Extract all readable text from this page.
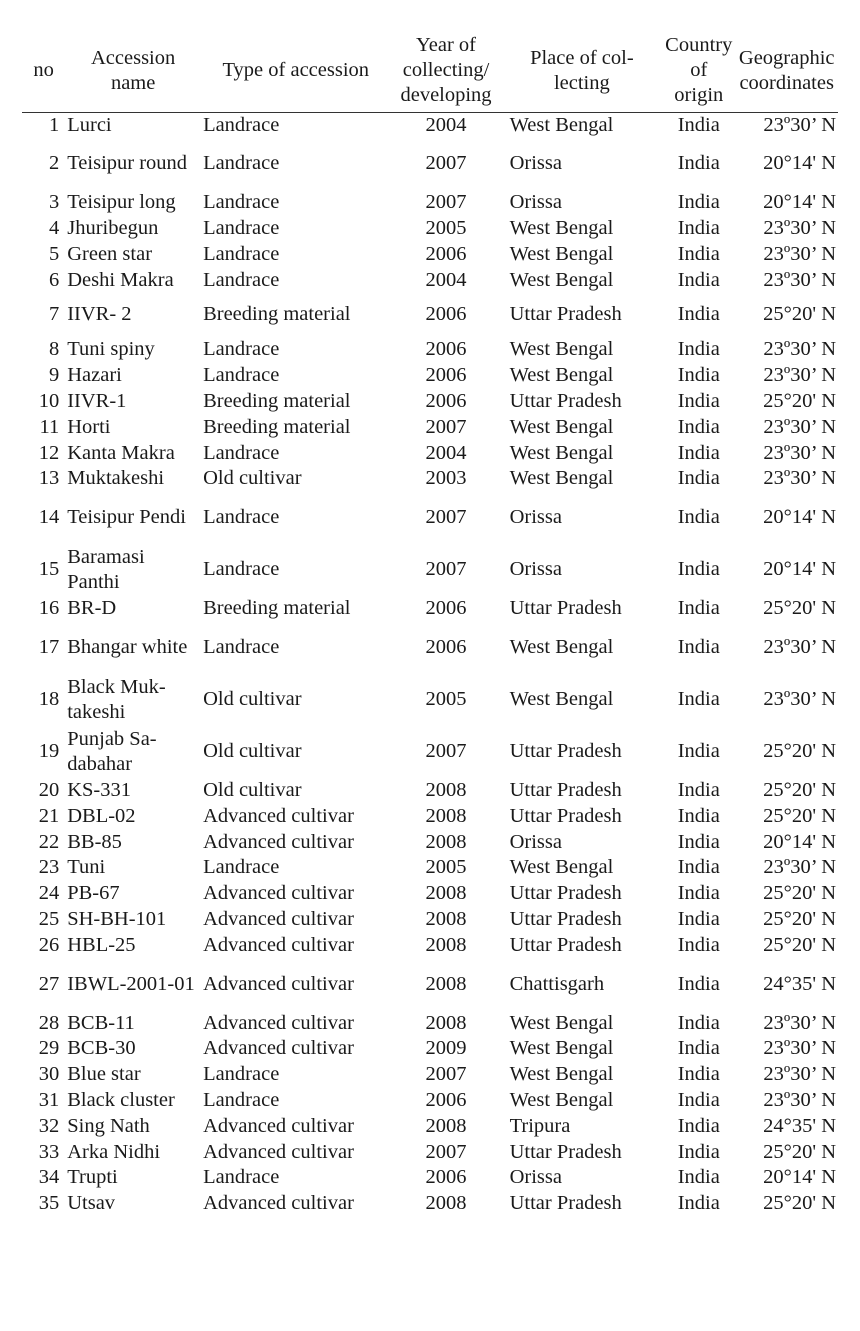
no	Accession name	Type of accession	Year of collecting/ developing	Place of col-lecting	Country of origin	Geographic coordinates
1	Lurci	Landrace	2004	West Bengal	India	23º30’ N
2	Teisipur round	Landrace	2007	Orissa	India	20°14' N
3	Teisipur long	Landrace	2007	Orissa	India	20°14' N
4	Jhuribegun	Landrace	2005	West Bengal	India	23º30’ N
5	Green star	Landrace	2006	West Bengal	India	23º30’ N
6	Deshi Makra	Landrace	2004	West Bengal	India	23º30’ N
7	IIVR- 2	Breeding material	2006	Uttar Pradesh	India	25°20' N
8	Tuni spiny	Landrace	2006	West Bengal	India	23º30’ N
9	Hazari	Landrace	2006	West Bengal	India	23º30’ N
10	IIVR-1	Breeding material	2006	Uttar Pradesh	India	25°20' N
11	Horti	Breeding material	2007	West Bengal	India	23º30’ N
12	Kanta Makra	Landrace	2004	West Bengal	India	23º30’ N
13	Muktakeshi	Old cultivar	2003	West Bengal	India	23º30’ N
14	Teisipur Pendi	Landrace	2007	Orissa	India	20°14' N
15	Baramasi Panthi	Landrace	2007	Orissa	India	20°14' N
16	BR-D	Breeding material	2006	Uttar Pradesh	India	25°20' N
17	Bhangar white	Landrace	2006	West Bengal	India	23º30’ N
18	Black Muk-takeshi	Old cultivar	2005	West Bengal	India	23º30’ N
19	Punjab Sa-dabahar	Old cultivar	2007	Uttar Pradesh	India	25°20' N
20	KS-331	Old cultivar	2008	Uttar Pradesh	India	25°20' N
21	DBL-02	Advanced cultivar	2008	Uttar Pradesh	India	25°20' N
22	BB-85	Advanced cultivar	2008	Orissa	India	20°14' N
23	Tuni	Landrace	2005	West Bengal	India	23º30’ N
24	PB-67	Advanced cultivar	2008	Uttar Pradesh	India	25°20' N
25	SH-BH-101	Advanced cultivar	2008	Uttar Pradesh	India	25°20' N
26	HBL-25	Advanced cultivar	2008	Uttar Pradesh	India	25°20' N
27	IBWL-2001-01	Advanced cultivar	2008	Chattisgarh	India	24°35' N
28	BCB-11	Advanced cultivar	2008	West Bengal	India	23º30’ N
29	BCB-30	Advanced cultivar	2009	West Bengal	India	23º30’ N
30	Blue star	Landrace	2007	West Bengal	India	23º30’ N
31	Black cluster	Landrace	2006	West Bengal	India	23º30’ N
32	Sing Nath	Advanced cultivar	2008	Tripura	India	24°35' N
33	Arka Nidhi	Advanced cultivar	2007	Uttar Pradesh	India	25°20' N
34	Trupti	Landrace	2006	Orissa	India	20°14' N
35	Utsav	Advanced cultivar	2008	Uttar Pradesh	India	25°20' N
